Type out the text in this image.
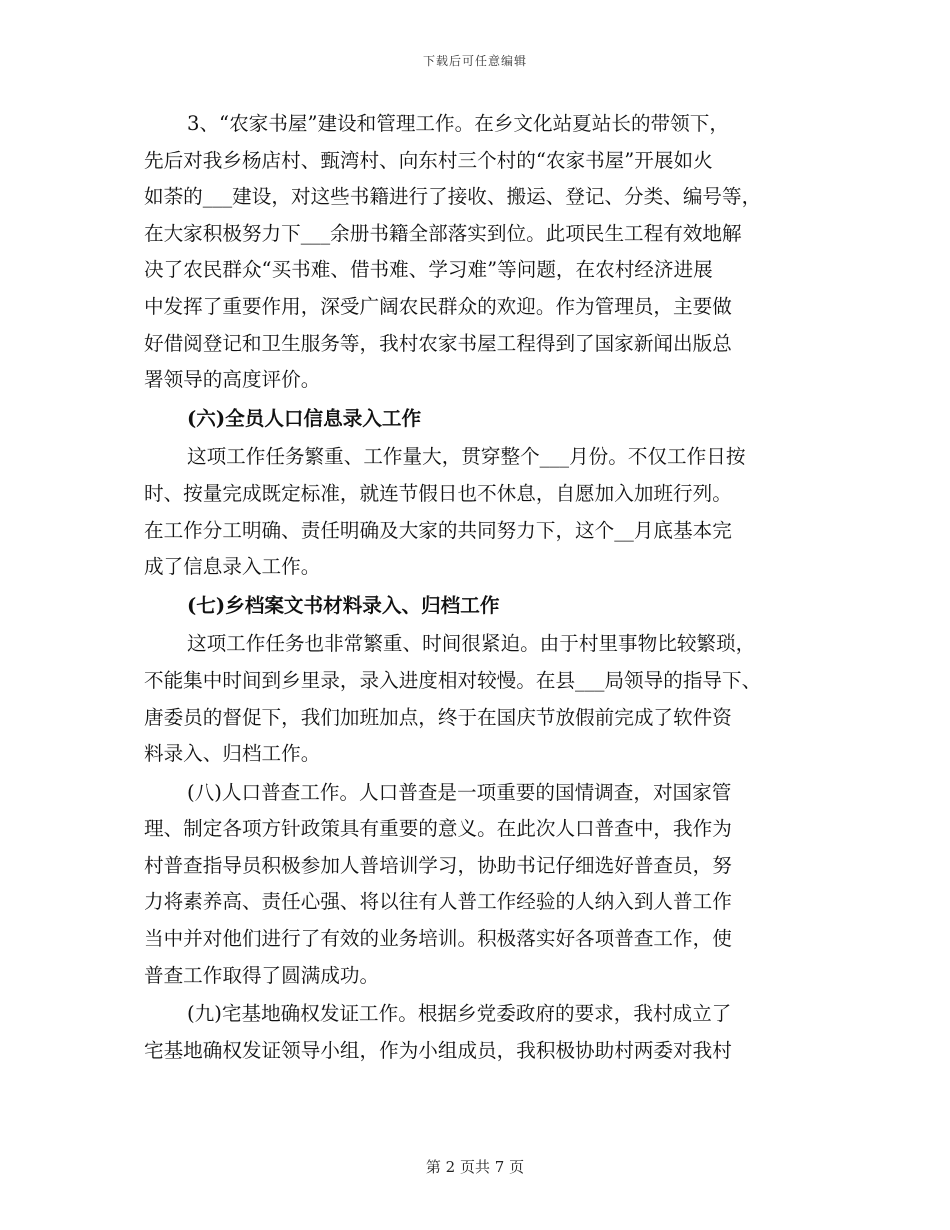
下载后可任意编辑
3、“农家书屋”建设和管理工作。在乡文化站夏站长的带领下，
先后对我乡杨店村、甄湾村、向东村三个村的“农家书屋”开展如火
如荼的___建设，对这些书籍进行了接收、搬运、登记、分类、编号等，
在大家积极努力下___余册书籍全部落实到位。此项民生工程有效地解
决了农民群众“买书难、借书难、学习难”等问题，在农村经济进展
中发挥了重要作用，深受广阔农民群众的欢迎。作为管理员，主要做
好借阅登记和卫生服务等，我村农家书屋工程得到了国家新闻出版总
署领导的高度评价。
(六)全员人口信息录入工作
这项工作任务繁重、工作量大，贯穿整个___月份。不仅工作日按
时、按量完成既定标准，就连节假日也不休息，自愿加入加班行列。
在工作分工明确、责任明确及大家的共同努力下，这个__月底基本完
成了信息录入工作。
(七)乡档案文书材料录入、归档工作
这项工作任务也非常繁重、时间很紧迫。由于村里事物比较繁琐，
不能集中时间到乡里录，录入进度相对较慢。在县___局领导的指导下、
唐委员的督促下，我们加班加点，终于在国庆节放假前完成了软件资
料录入、归档工作。
(八)人口普查工作。人口普查是一项重要的国情调查，对国家管
理、制定各项方针政策具有重要的意义。在此次人口普查中，我作为
村普查指导员积极参加人普培训学习，协助书记仔细选好普查员，努
力将素养高、责任心强、将以往有人普工作经验的人纳入到人普工作
当中并对他们进行了有效的业务培训。积极落实好各项普查工作，使
普查工作取得了圆满成功。
(九)宅基地确权发证工作。根据乡党委政府的要求，我村成立了
宅基地确权发证领导小组，作为小组成员，我积极协助村两委对我村
第 2 页共 7 页
